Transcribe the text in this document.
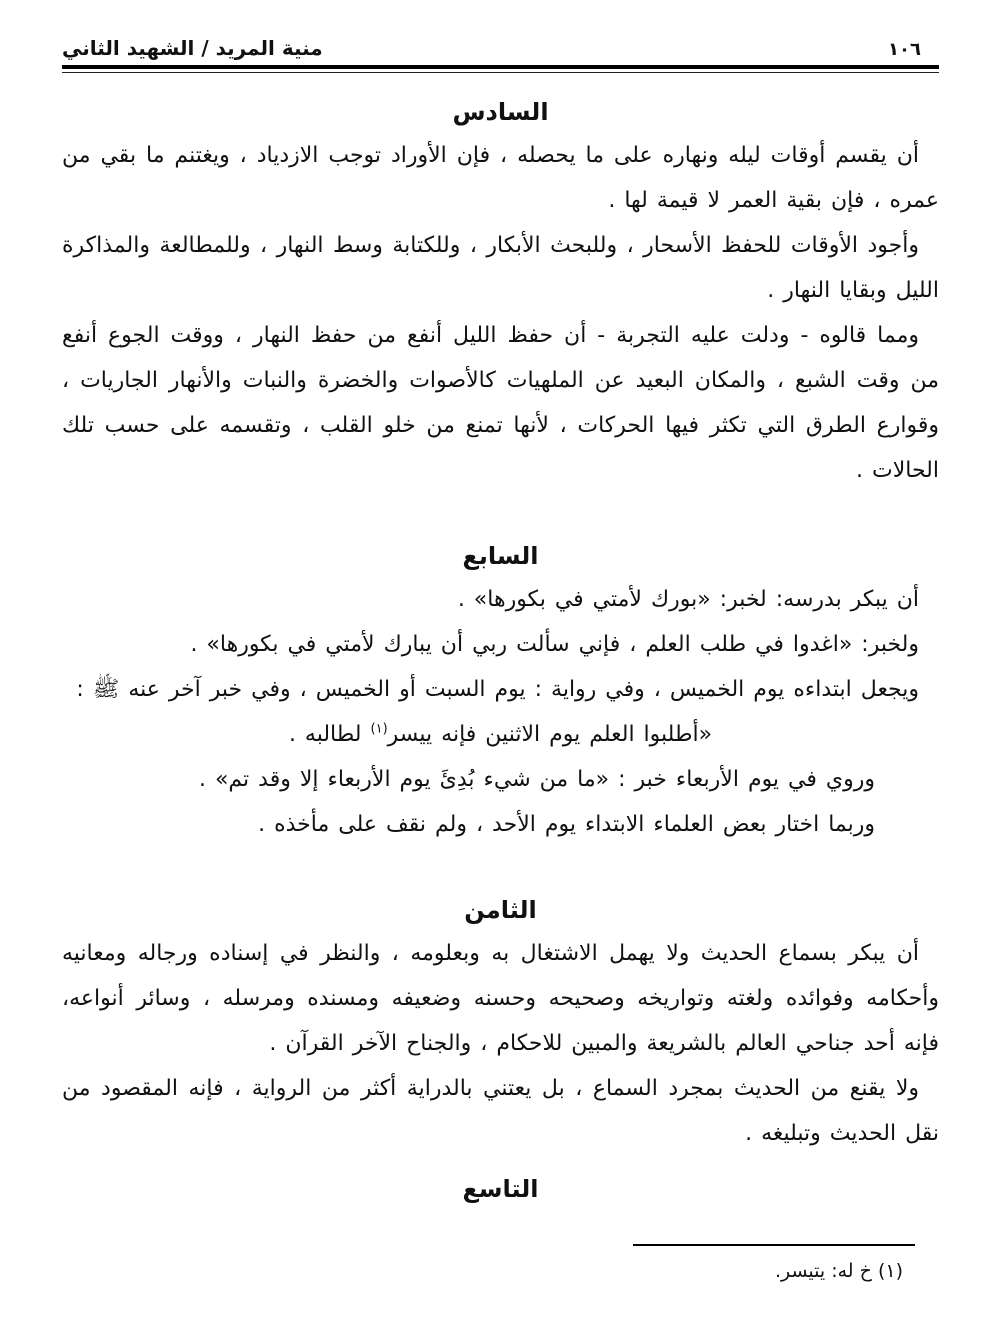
منية المريد / الشهيد الثاني	١٠٦
السادس

أن يقسم أوقات ليله ونهاره على ما يحصله ، فإن الأوراد توجب الازدياد ، ويغتنم ما بقي من عمره ، فإن بقية العمر لا قيمة لها .

وأجود الأوقات للحفظ الأسحار ، وللبحث الأبكار ، وللكتابة وسط النهار ، وللمطالعة والمذاكرة الليل وبقايا النهار .

ومما قالوه - ودلت عليه التجربة - أن حفظ الليل أنفع من حفظ النهار ، ووقت الجوع أنفع من وقت الشبع ، والمكان البعيد عن الملهيات كالأصوات والخضرة والنبات والأنهار الجاريات ، وقوارع الطرق التي تكثر فيها الحركات ، لأنها تمنع من خلو القلب ، وتقسمه على حسب تلك الحالات .

السابع

أن يبكر بدرسه: لخبر: «بورك لأمتي في بكورها» .

ولخبر: «اغدوا في طلب العلم ، فإني سألت ربي أن يبارك لأمتي في بكورها» .

ويجعل ابتداءه يوم الخميس ، وفي رواية : يوم السبت أو الخميس ، وفي خبر آخر عنه ﷺ :

«أطلبوا العلم يوم الاثنين فإنه ييسر$^{(١)}$ لطالبه .

وروي في يوم الأربعاء خبر : «ما من شيء بُدِئَ يوم الأربعاء إلا وقد تم» .

وربما اختار بعض العلماء الابتداء يوم الأحد ، ولم نقف على مأخذه .

الثامن

أن يبكر بسماع الحديث ولا يهمل الاشتغال به وبعلومه ، والنظر في إسناده ورجاله ومعانيه وأحكامه وفوائده ولغته وتواريخه وصحيحه وحسنه وضعيفه ومسنده ومرسله ، وسائر أنواعه، فإنه أحد جناحي العالم بالشريعة والمبين للاحكام ، والجناح الآخر القرآن .

ولا يقنع من الحديث بمجرد السماع ، بل يعتني بالدراية أكثر من الرواية ، فإنه المقصود من نقل الحديث وتبليغه .

التاسع
(١) خ له: يتيسر.
